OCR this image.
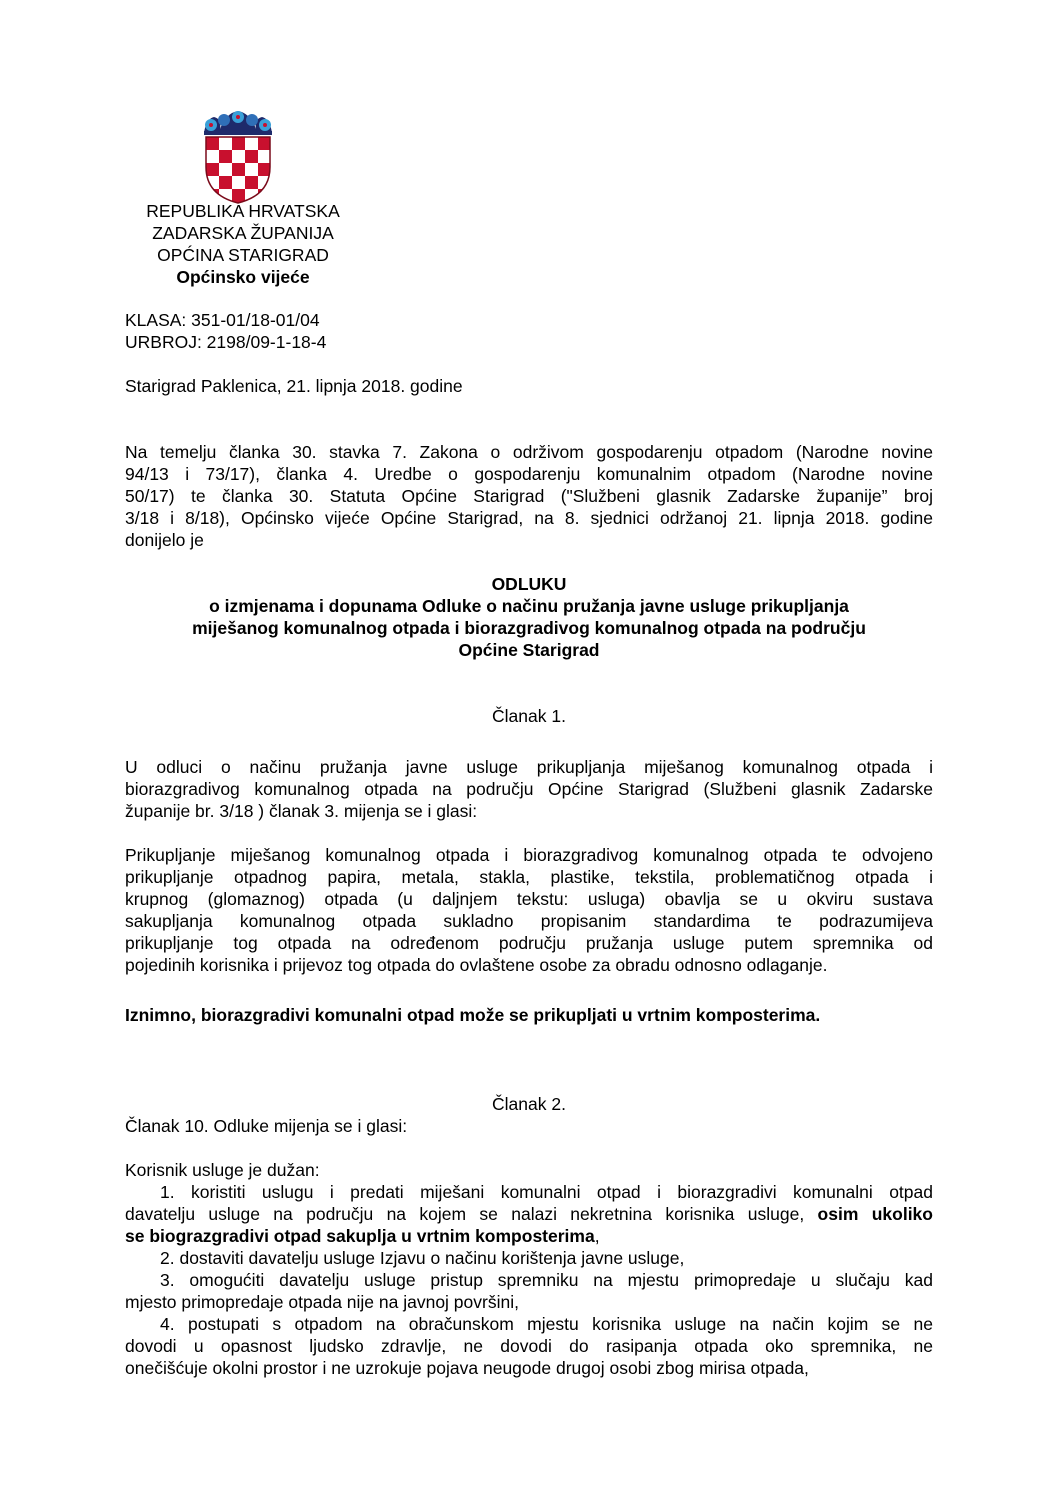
REPUBLIKA HRVATSKA
ZADARSKA ŽUPANIJA
OPĆINA STARIGRAD
Općinsko vijeće
KLASA: 351-01/18-01/04
URBROJ: 2198/09-1-18-4
Starigrad Paklenica, 21. lipnja 2018. godine
Na temelju članka 30. stavka 7. Zakona o održivom gospodarenju otpadom (Narodne novine
94/13 i 73/17), članka 4. Uredbe o gospodarenju komunalnim otpadom (Narodne novine
50/17) te članka 30. Statuta Općine Starigrad ("Službeni glasnik Zadarske županije” broj
3/18 i 8/18), Općinsko vijeće Općine Starigrad, na 8. sjednici održanoj 21. lipnja 2018. godine
donijelo je
ODLUKU
o izmjenama i dopunama Odluke o načinu pružanja javne usluge prikupljanja
miješanog komunalnog otpada i biorazgradivog komunalnog otpada na području
Općine Starigrad
Članak 1.
U odluci o načinu pružanja javne usluge prikupljanja miješanog komunalnog otpada i
biorazgradivog komunalnog otpada na području Općine Starigrad (Službeni glasnik Zadarske
županije br. 3/18 ) članak 3. mijenja se i glasi:
Prikupljanje miješanog komunalnog otpada i biorazgradivog komunalnog otpada te odvojeno
prikupljanje otpadnog papira, metala, stakla, plastike, tekstila, problematičnog otpada i
krupnog (glomaznog) otpada (u daljnjem tekstu: usluga) obavlja se u okviru sustava
sakupljanja komunalnog otpada sukladno propisanim standardima te podrazumijeva
prikupljanje tog otpada na određenom području pružanja usluge putem spremnika od
pojedinih korisnika i prijevoz tog otpada do ovlaštene osobe za obradu odnosno odlaganje.
Iznimno, biorazgradivi komunalni otpad može se prikupljati u vrtnim komposterima.
Članak 2.
Članak 10. Odluke mijenja se i glasi:
Korisnik usluge je dužan:
1. koristiti uslugu i predati miješani komunalni otpad i biorazgradivi komunalni otpad
davatelju usluge na području na kojem se nalazi nekretnina korisnika usluge, osim ukoliko
se biograzgradivi otpad sakuplja u vrtnim komposterima,
2. dostaviti davatelju usluge Izjavu o načinu korištenja javne usluge,
3. omogućiti davatelju usluge pristup spremniku na mjestu primopredaje u slučaju kad
mjesto primopredaje otpada nije na javnoj površini,
4. postupati s otpadom na obračunskom mjestu korisnika usluge na način kojim se ne
dovodi u opasnost ljudsko zdravlje, ne dovodi do rasipanja otpada oko spremnika, ne
onečišćuje okolni prostor i ne uzrokuje pojava neugode drugoj osobi zbog mirisa otpada,
